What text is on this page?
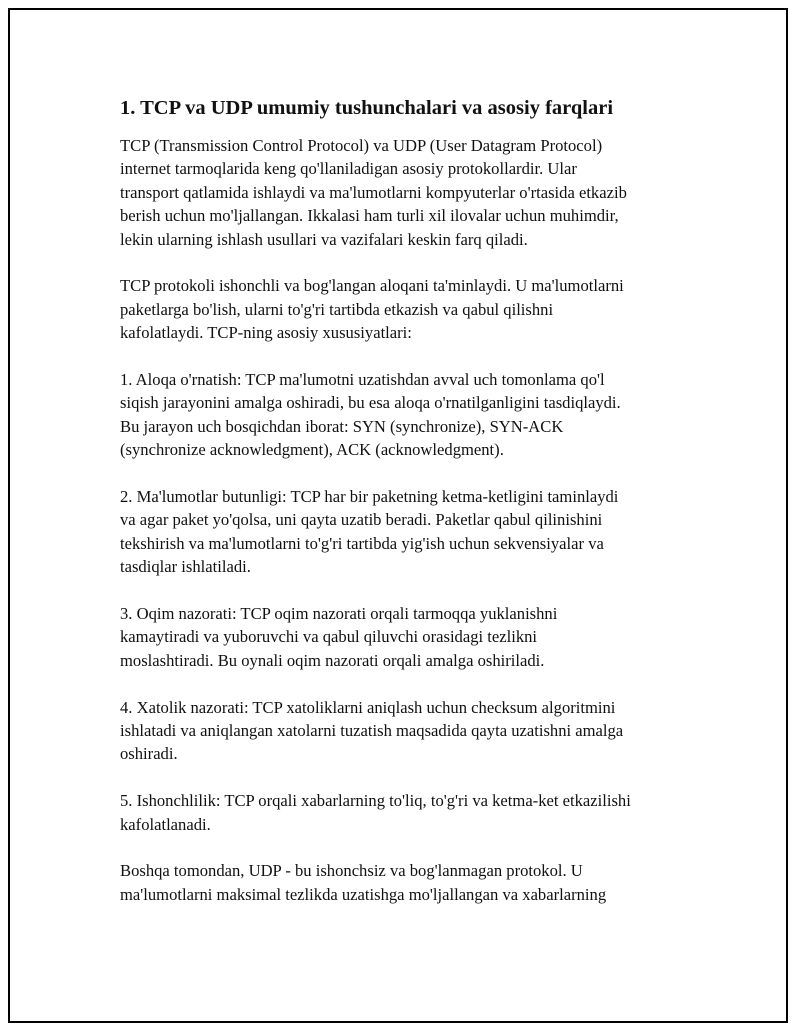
1. TCP va UDP umumiy tushunchalari va asosiy farqlari

TCP (Transmission Control Protocol) va UDP (User Datagram Protocol)
internet tarmoqlarida keng qo'llaniladigan asosiy protokollardir. Ular
transport qatlamida ishlaydi va ma'lumotlarni kompyuterlar o'rtasida etkazib
berish uchun mo'ljallangan. Ikkalasi ham turli xil ilovalar uchun muhimdir,
lekin ularning ishlash usullari va vazifalari keskin farq qiladi.

TCP protokoli ishonchli va bog'langan aloqani ta'minlaydi. U ma'lumotlarni
paketlarga bo'lish, ularni to'g'ri tartibda etkazish va qabul qilishni
kafolatlaydi. TCP-ning asosiy xususiyatlari:

1. Aloqa o'rnatish: TCP ma'lumotni uzatishdan avval uch tomonlama qo'l
siqish jarayonini amalga oshiradi, bu esa aloqa o'rnatilganligini tasdiqlaydi.
Bu jarayon uch bosqichdan iborat: SYN (synchronize), SYN-ACK
(synchronize acknowledgment), ACK (acknowledgment).

2. Ma'lumotlar butunligi: TCP har bir paketning ketma-ketligini taminlaydi
va agar paket yo'qolsa, uni qayta uzatib beradi. Paketlar qabul qilinishini
tekshirish va ma'lumotlarni to'g'ri tartibda yig'ish uchun sekvensiyalar va
tasdiqlar ishlatiladi.

3. Oqim nazorati: TCP oqim nazorati orqali tarmoqqa yuklanishni
kamaytiradi va yuboruvchi va qabul qiluvchi orasidagi tezlikni
moslashtiradi. Bu oynali oqim nazorati orqali amalga oshiriladi.

4. Xatolik nazorati: TCP xatoliklarni aniqlash uchun checksum algoritmini
ishlatadi va aniqlangan xatolarni tuzatish maqsadida qayta uzatishni amalga
oshiradi.

5. Ishonchlilik: TCP orqali xabarlarning to'liq, to'g'ri va ketma-ket etkazilishi
kafolatlanadi.

Boshqa tomondan, UDP - bu ishonchsiz va bog'lanmagan protokol. U
ma'lumotlarni maksimal tezlikda uzatishga mo'ljallangan va xabarlarning
